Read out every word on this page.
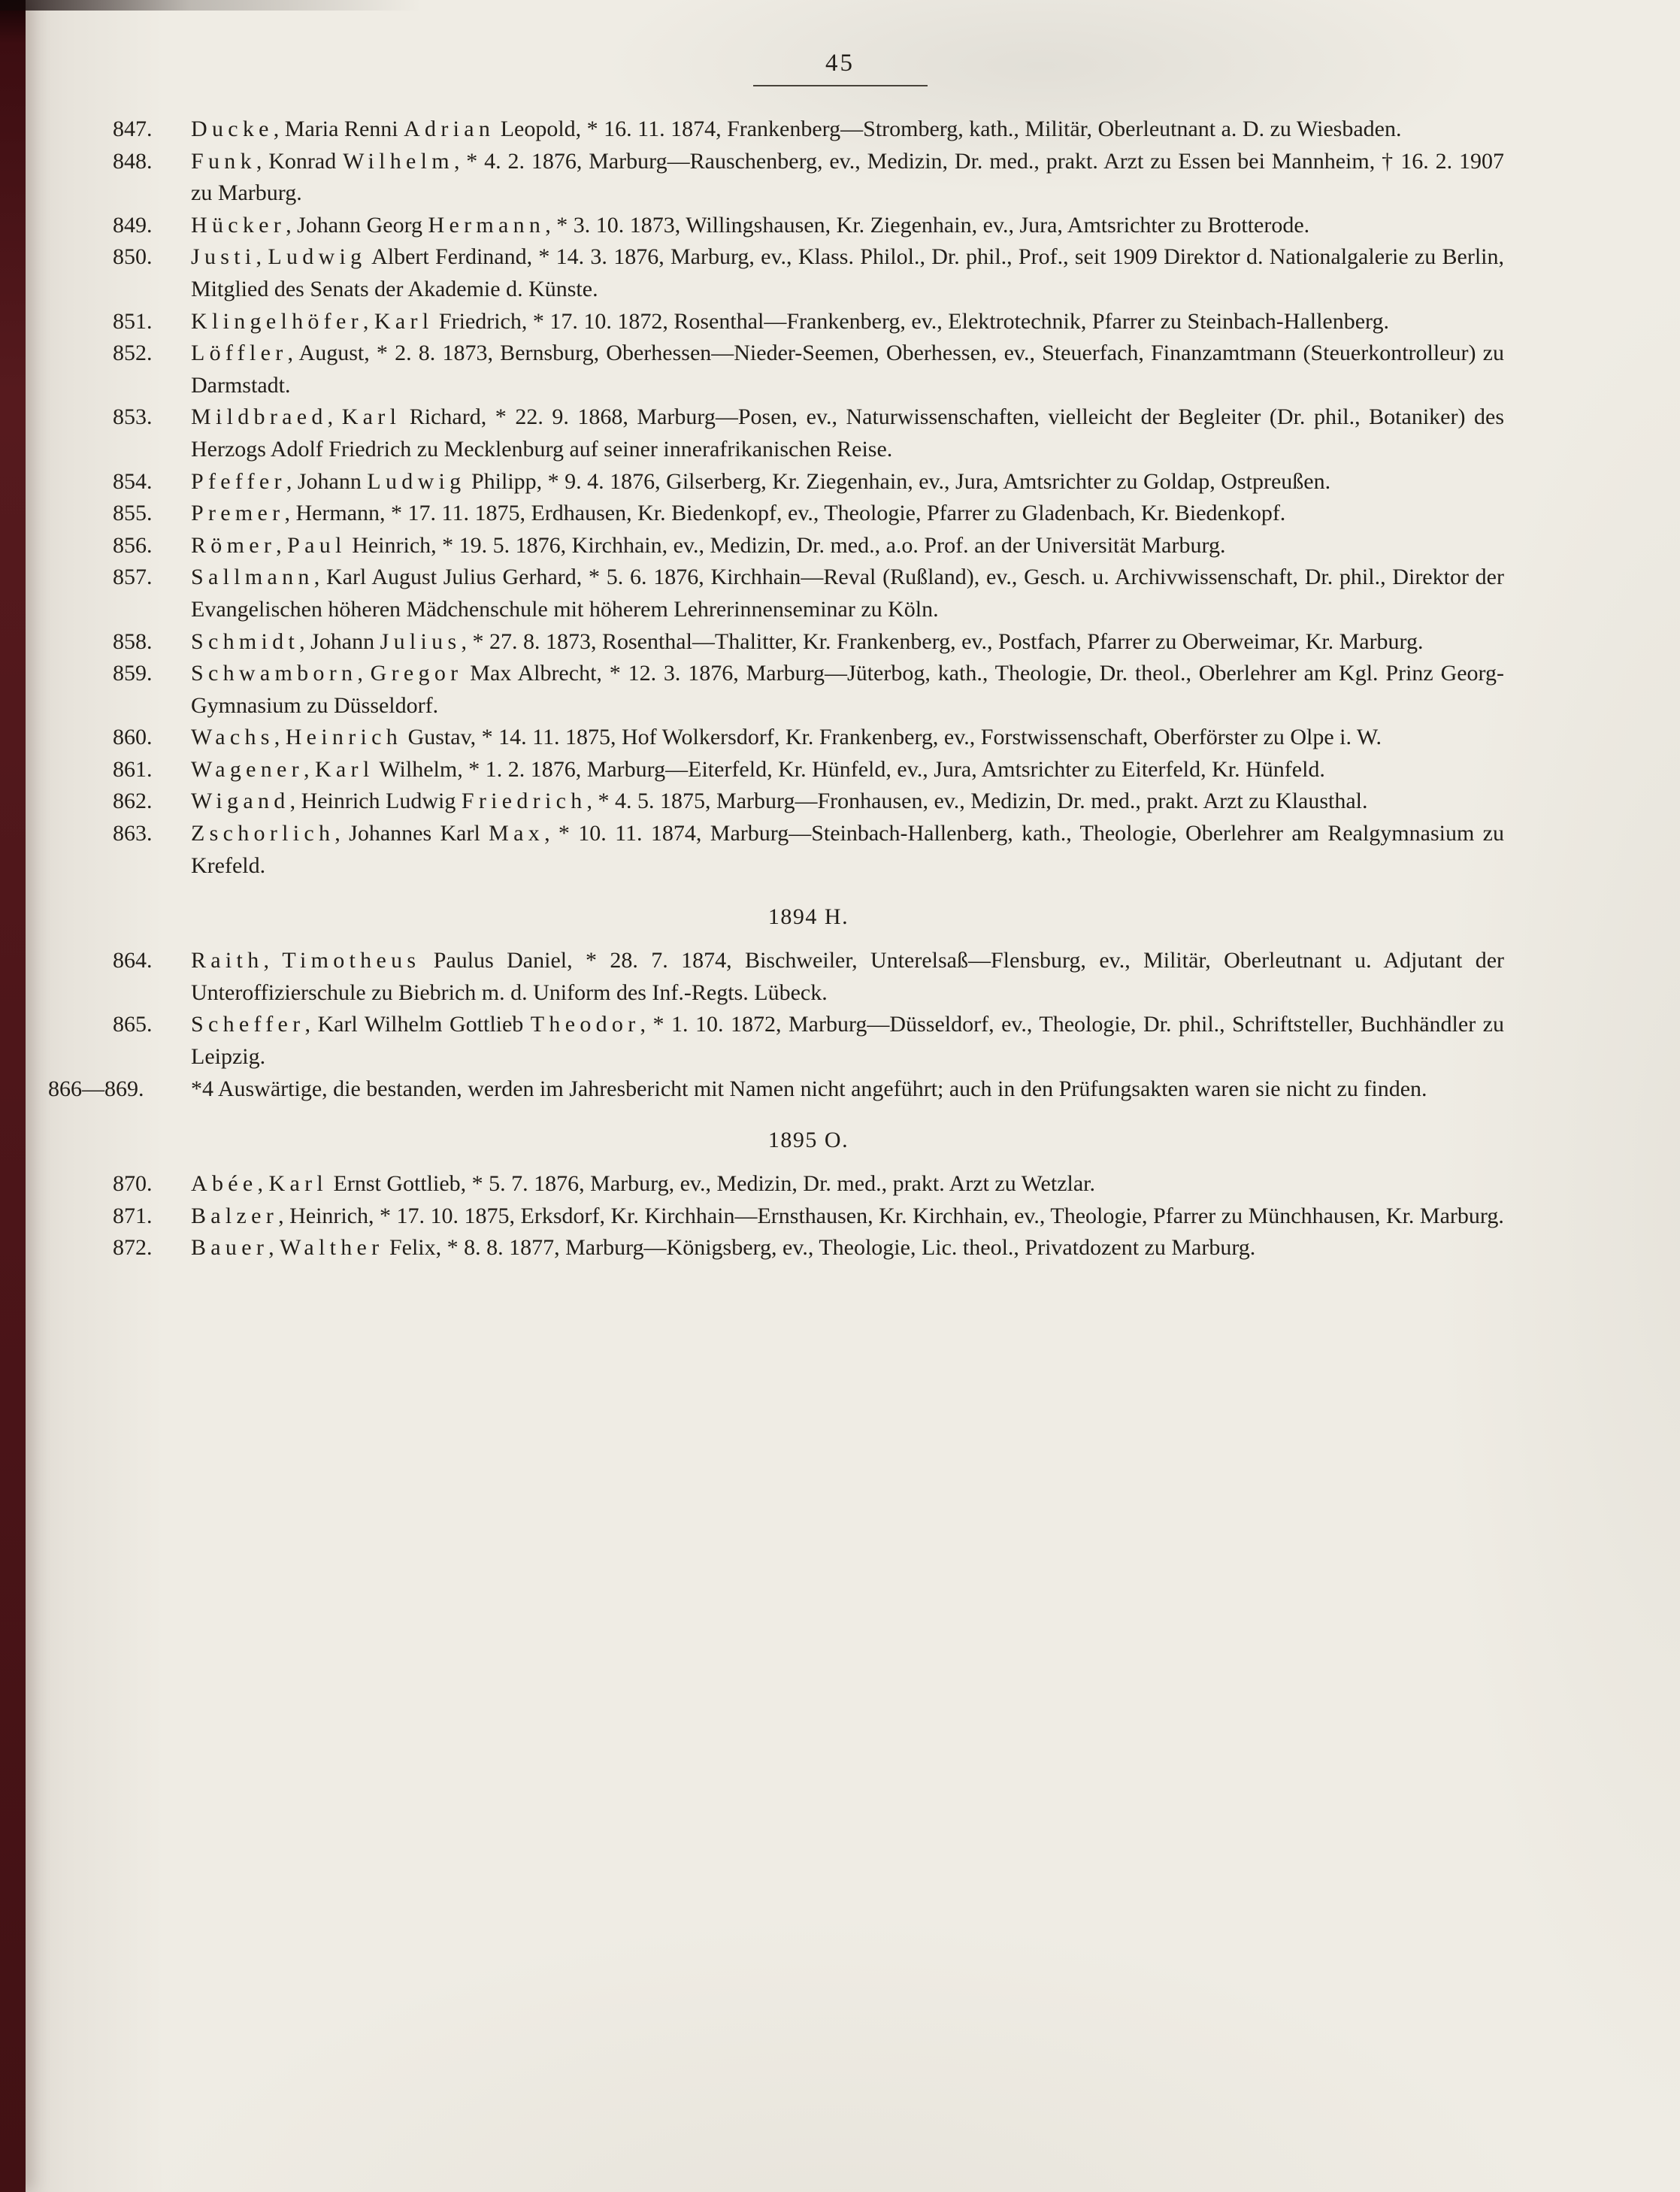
45
847.	Ducke, Maria Renni Adrian Leopold, * 16. 11. 1874, Frankenberg—Stromberg, kath., Militär, Oberleutnant a. D. zu Wiesbaden.
848.	Funk, Konrad Wilhelm, * 4. 2. 1876, Marburg—Rauschenberg, ev., Medizin, Dr. med., prakt. Arzt zu Essen bei Mannheim, † 16. 2. 1907 zu Marburg.
849.	Hücker, Johann Georg Hermann, * 3. 10. 1873, Willingshausen, Kr. Ziegenhain, ev., Jura, Amtsrichter zu Brotterode.
850.	Justi, Ludwig Albert Ferdinand, * 14. 3. 1876, Marburg, ev., Klass. Philol., Dr. phil., Prof., seit 1909 Direktor d. Nationalgalerie zu Berlin, Mitglied des Senats der Akademie d. Künste.
851.	Klingelhöfer, Karl Friedrich, * 17. 10. 1872, Rosenthal—Frankenberg, ev., Elektrotechnik, Pfarrer zu Steinbach-Hallenberg.
852.	Löffler, August, * 2. 8. 1873, Bernsburg, Oberhessen—Nieder-Seemen, Oberhessen, ev., Steuerfach, Finanzamtmann (Steuerkontrolleur) zu Darmstadt.
853.	Mildbraed, Karl Richard, * 22. 9. 1868, Marburg—Posen, ev., Naturwissenschaften, vielleicht der Begleiter (Dr. phil., Botaniker) des Herzogs Adolf Friedrich zu Mecklenburg auf seiner innerafrikanischen Reise.
854.	Pfeffer, Johann Ludwig Philipp, * 9. 4. 1876, Gilserberg, Kr. Ziegenhain, ev., Jura, Amtsrichter zu Goldap, Ostpreußen.
855.	Premer, Hermann, * 17. 11. 1875, Erdhausen, Kr. Biedenkopf, ev., Theologie, Pfarrer zu Gladenbach, Kr. Biedenkopf.
856.	Römer, Paul Heinrich, * 19. 5. 1876, Kirchhain, ev., Medizin, Dr. med., a.o. Prof. an der Universität Marburg.
857.	Sallmann, Karl August Julius Gerhard, * 5. 6. 1876, Kirchhain—Reval (Rußland), ev., Gesch. u. Archivwissenschaft, Dr. phil., Direktor der Evangelischen höheren Mädchenschule mit höherem Lehrerinnenseminar zu Köln.
858.	Schmidt, Johann Julius, * 27. 8. 1873, Rosenthal—Thalitter, Kr. Frankenberg, ev., Postfach, Pfarrer zu Oberweimar, Kr. Marburg.
859.	Schwamborn, Gregor Max Albrecht, * 12. 3. 1876, Marburg—Jüterbog, kath., Theologie, Dr. theol., Oberlehrer am Kgl. Prinz Georg-Gymnasium zu Düsseldorf.
860.	Wachs, Heinrich Gustav, * 14. 11. 1875, Hof Wolkersdorf, Kr. Frankenberg, ev., Forstwissenschaft, Oberförster zu Olpe i. W.
861.	Wagener, Karl Wilhelm, * 1. 2. 1876, Marburg—Eiterfeld, Kr. Hünfeld, ev., Jura, Amtsrichter zu Eiterfeld, Kr. Hünfeld.
862.	Wigand, Heinrich Ludwig Friedrich, * 4. 5. 1875, Marburg—Fronhausen, ev., Medizin, Dr. med., prakt. Arzt zu Klausthal.
863.	Zschorlich, Johannes Karl Max, * 10. 11. 1874, Marburg—Steinbach-Hallenberg, kath., Theologie, Oberlehrer am Realgymnasium zu Krefeld.
1894 H.
864.	Raith, Timotheus Paulus Daniel, * 28. 7. 1874, Bischweiler, Unterelsaß—Flensburg, ev., Militär, Oberleutnant u. Adjutant der Unteroffizierschule zu Biebrich m. d. Uniform des Inf.-Regts. Lübeck.
865.	Scheffer, Karl Wilhelm Gottlieb Theodor, * 1. 10. 1872, Marburg—Düsseldorf, ev., Theologie, Dr. phil., Schriftsteller, Buchhändler zu Leipzig.
866—869.	*4 Auswärtige, die bestanden, werden im Jahresbericht mit Namen nicht angeführt; auch in den Prüfungsakten waren sie nicht zu finden.
1895 O.
870.	Abée, Karl Ernst Gottlieb, * 5. 7. 1876, Marburg, ev., Medizin, Dr. med., prakt. Arzt zu Wetzlar.
871.	Balzer, Heinrich, * 17. 10. 1875, Erksdorf, Kr. Kirchhain—Ernsthausen, Kr. Kirchhain, ev., Theologie, Pfarrer zu Münchhausen, Kr. Marburg.
872.	Bauer, Walther Felix, * 8. 8. 1877, Marburg—Königsberg, ev., Theologie, Lic. theol., Privatdozent zu Marburg.
